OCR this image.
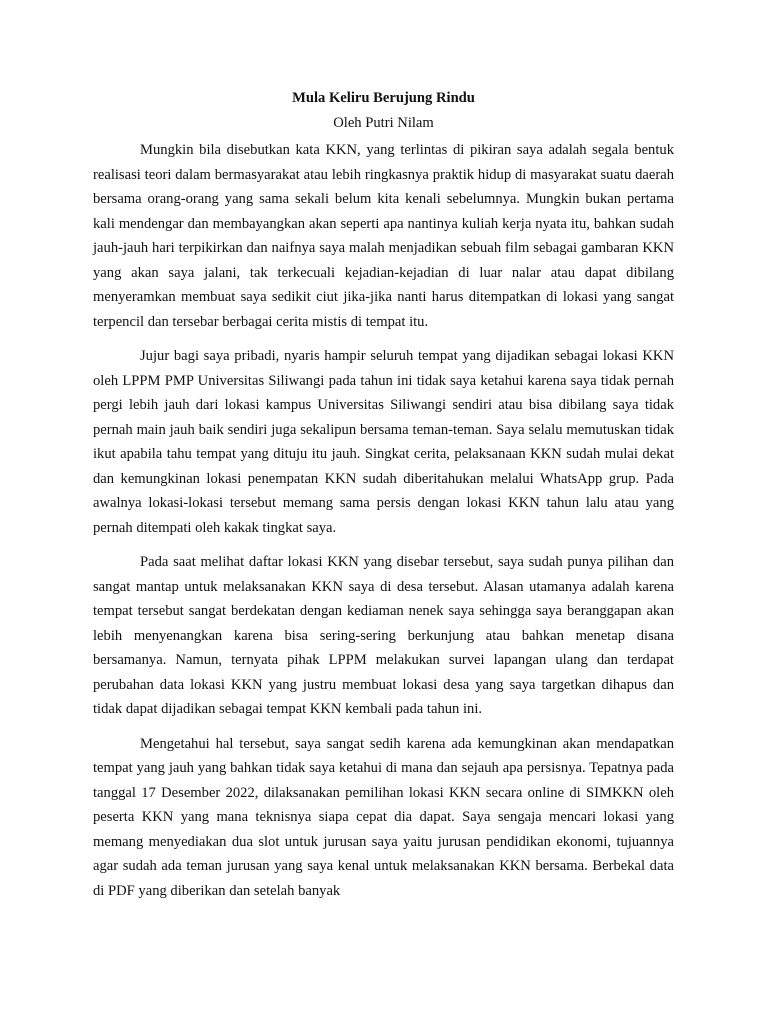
Mula Keliru Berujung Rindu

Oleh Putri Nilam

Mungkin bila disebutkan kata KKN, yang terlintas di pikiran saya adalah segala bentuk realisasi teori dalam bermasyarakat atau lebih ringkasnya praktik hidup di masyarakat suatu daerah bersama orang-orang yang sama sekali belum kita kenali sebelumnya. Mungkin bukan pertama kali mendengar dan membayangkan akan seperti apa nantinya kuliah kerja nyata itu, bahkan sudah jauh-jauh hari terpikirkan dan naifnya saya malah menjadikan sebuah film sebagai gambaran KKN yang akan saya jalani, tak terkecuali kejadian-kejadian di luar nalar atau dapat dibilang menyeramkan membuat saya sedikit ciut jika-jika nanti harus ditempatkan di lokasi yang sangat terpencil dan tersebar berbagai cerita mistis di tempat itu.

Jujur bagi saya pribadi, nyaris hampir seluruh tempat yang dijadikan sebagai lokasi KKN oleh LPPM PMP Universitas Siliwangi pada tahun ini tidak saya ketahui karena saya tidak pernah pergi lebih jauh dari lokasi kampus Universitas Siliwangi sendiri atau bisa dibilang saya tidak pernah main jauh baik sendiri juga sekalipun bersama teman-teman. Saya selalu memutuskan tidak ikut apabila tahu tempat yang dituju itu jauh. Singkat cerita, pelaksanaan KKN sudah mulai dekat dan kemungkinan lokasi penempatan KKN sudah diberitahukan melalui WhatsApp grup. Pada awalnya lokasi-lokasi tersebut memang sama persis dengan lokasi KKN tahun lalu atau yang pernah ditempati oleh kakak tingkat saya.

Pada saat melihat daftar lokasi KKN yang disebar tersebut, saya sudah punya pilihan dan sangat mantap untuk melaksanakan KKN saya di desa tersebut. Alasan utamanya adalah karena tempat tersebut sangat berdekatan dengan kediaman nenek saya sehingga saya beranggapan akan lebih menyenangkan karena bisa sering-sering berkunjung atau bahkan menetap disana bersamanya. Namun, ternyata pihak LPPM melakukan survei lapangan ulang dan terdapat perubahan data lokasi KKN yang justru membuat lokasi desa yang saya targetkan dihapus dan tidak dapat dijadikan sebagai tempat KKN kembali pada tahun ini.

Mengetahui hal tersebut, saya sangat sedih karena ada kemungkinan akan mendapatkan tempat yang jauh yang bahkan tidak saya ketahui di mana dan sejauh apa persisnya. Tepatnya pada tanggal 17 Desember 2022, dilaksanakan pemilihan lokasi KKN secara online di SIMKKN oleh peserta KKN yang mana teknisnya siapa cepat dia dapat. Saya sengaja mencari lokasi yang memang menyediakan dua slot untuk jurusan saya yaitu jurusan pendidikan ekonomi, tujuannya agar sudah ada teman jurusan yang saya kenal untuk melaksanakan KKN bersama. Berbekal data di PDF yang diberikan dan setelah banyak
